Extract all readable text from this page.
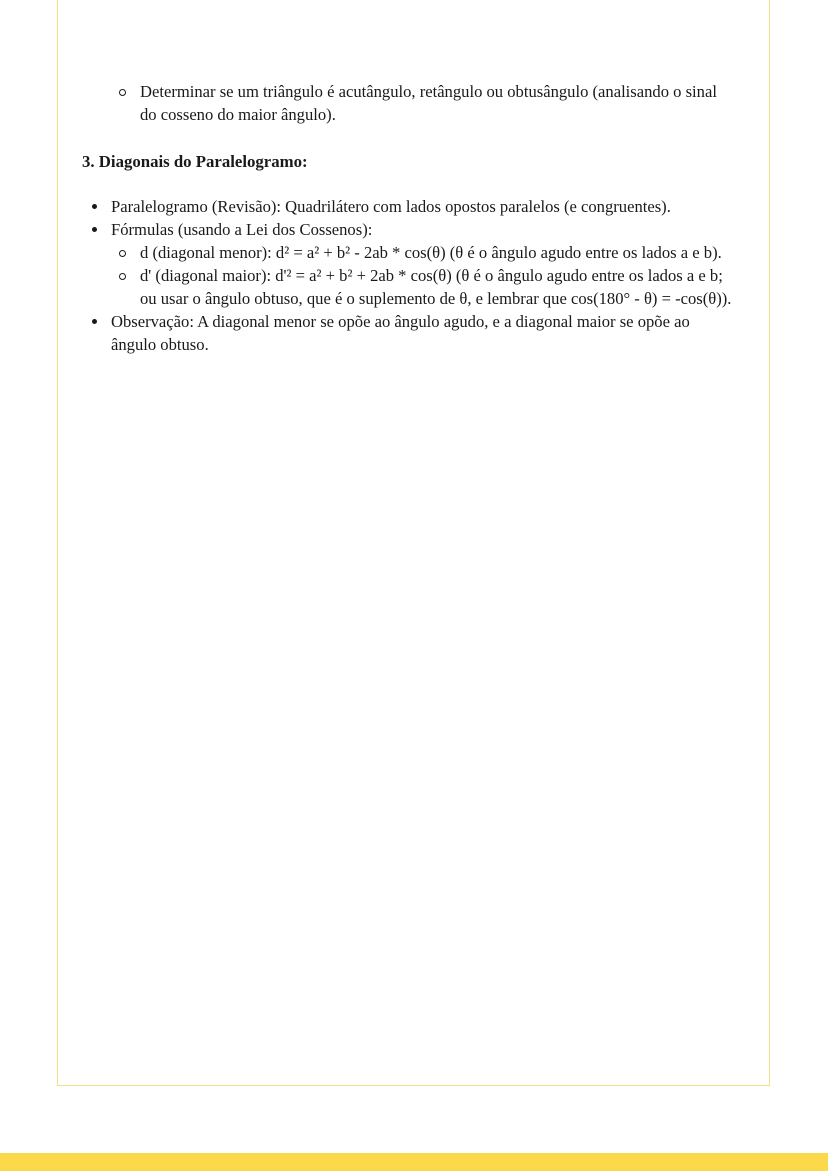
Determinar se um triângulo é acutângulo, retângulo ou obtusângulo (analisando o sinal do cosseno do maior ângulo).
3. Diagonais do Paralelogramo:
Paralelogramo (Revisão): Quadrilátero com lados opostos paralelos (e congruentes).
Fórmulas (usando a Lei dos Cossenos):
d (diagonal menor): d² = a² + b² - 2ab * cos(θ) (θ é o ângulo agudo entre os lados a e b).
d' (diagonal maior): d'² = a² + b² + 2ab * cos(θ) (θ é o ângulo agudo entre os lados a e b; ou usar o ângulo obtuso, que é o suplemento de θ, e lembrar que cos(180° - θ) = -cos(θ)).
Observação: A diagonal menor se opõe ao ângulo agudo, e a diagonal maior se opõe ao ângulo obtuso.
